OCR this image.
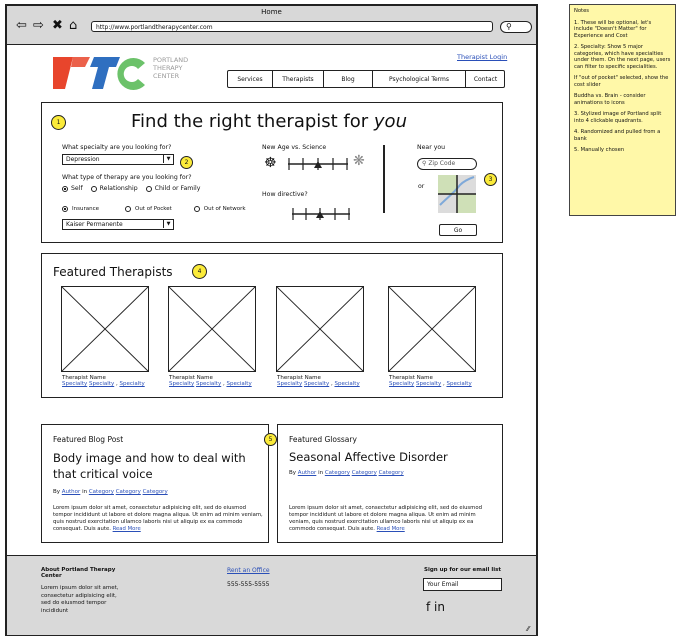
Home
⇦ ⇨ ✖ ⌂	http://www.portlandtherapycenter.com	⚲
PORTLAND
THERAPY
CENTER
Therapist Login
Services	Therapists	Blog	Psychological Terms	Contact
1	Find the right therapist for you
What specialty are you looking for?
Depression	▼	2
What type of therapy are you looking for?
Self	Relationship	Child or Family
Insurance	Out of Pocket	Out of Network
Kaiser Permanente	▼
New Age vs. Science
☸	❋
How directive?
Near you
⚲ Zip Code
3
or
Go
Featured Therapists	4
Therapist Name
Specialty Specialty , Specialty
Therapist Name
Specialty Specialty , Specialty
Therapist Name
Specialty Specialty , Specialty
Therapist Name
Specialty Specialty , Specialty
Featured Blog Post
Body image and how to deal with that critical voice
By Author in Category Category Category
Lorem ipsum dolor sit amet, consectetur adipisicing elit, sed do eiusmod tempor incididunt ut labore et dolore magna aliqua. Ut enim ad minim veniam, quis nostrud exercitation ullamco laboris nisi ut aliquip ex ea commodo consequat. Duis aute. Read More
5	Featured Glossary
Seasonal Affective Disorder
By Author in Category Category Category
Lorem ipsum dolor sit amet, consectetur adipisicing elit, sed do eiusmod tempor incididunt ut labore et dolore magna aliqua. Ut enim ad minim veniam, quis nostrud exercitation ullamco laboris nisi ut aliquip ex ea commodo consequat. Duis aute. Read More
About Portland Therapy Center
Lorem ipsum dolor sit amet, consectetur adipisicing elit, sed do eiusmod tempor incididunt
Rent an Office
555-555-5555
Sign up for our email list
Your Email
f in
⁄⁄

Notes

1. These will be optional, let's include "Doesn't Matter" for Experience and Cost

2. Specialty: Show 5 major categories, which have specialties under them. On the next page, users can filter to specific specialities.

If "out of pocket" selected, show the cost slider

Buddha vs. Brain - consider animations to icons

3. Stylized image of Portland split into 4 clickable quadrants.

4. Randomized and pulled from a bank

5. Manually chosen
